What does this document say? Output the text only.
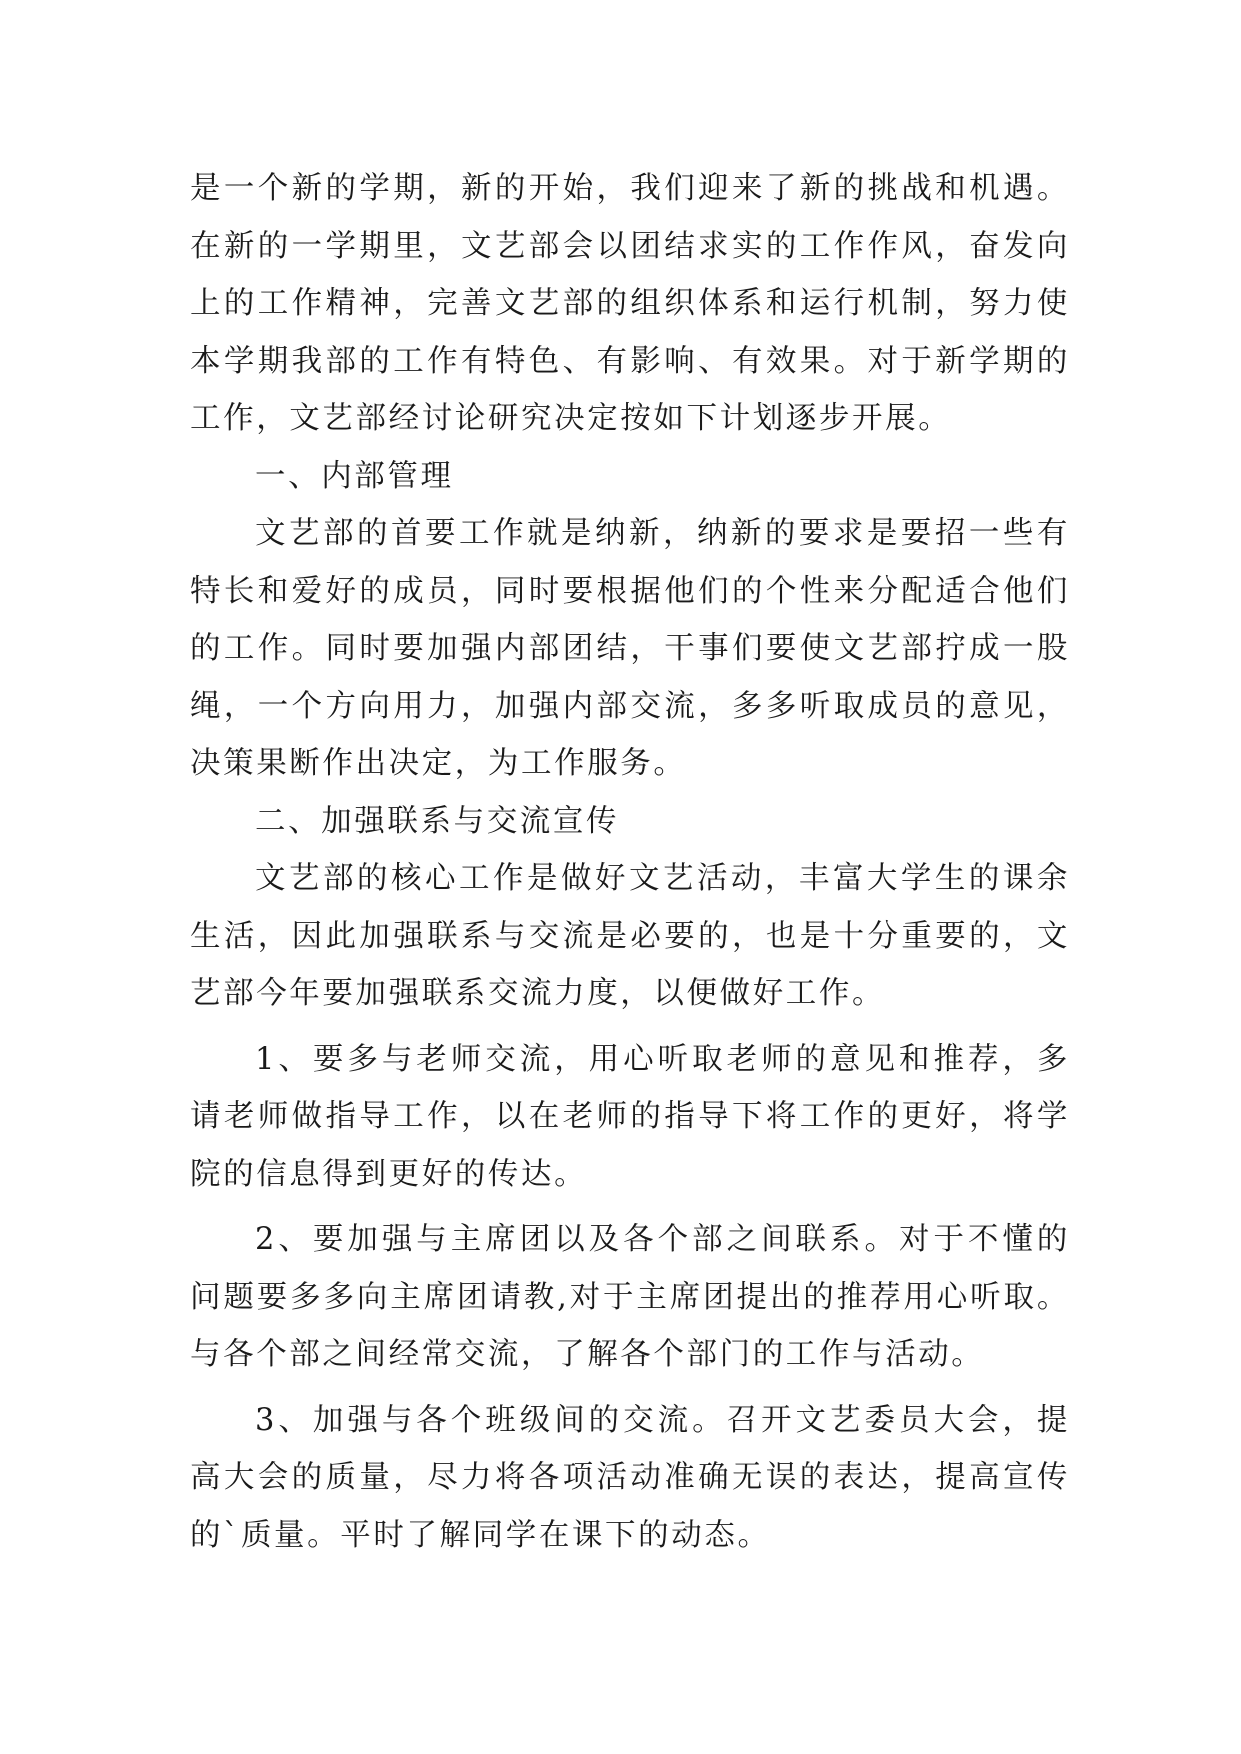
是一个新的学期，新的开始，我们迎来了新的挑战和机遇。在新的一学期里，文艺部会以团结求实的工作作风，奋发向上的工作精神，完善文艺部的组织体系和运行机制，努力使本学期我部的工作有特色、有影响、有效果。对于新学期的工作，文艺部经讨论研究决定按如下计划逐步开展。

一、内部管理

文艺部的首要工作就是纳新，纳新的要求是要招一些有特长和爱好的成员，同时要根据他们的个性来分配适合他们的工作。同时要加强内部团结，干事们要使文艺部拧成一股绳，一个方向用力，加强内部交流，多多听取成员的意见，决策果断作出决定，为工作服务。

二、加强联系与交流宣传

文艺部的核心工作是做好文艺活动，丰富大学生的课余生活，因此加强联系与交流是必要的，也是十分重要的，文艺部今年要加强联系交流力度，以便做好工作。

1、要多与老师交流，用心听取老师的意见和推荐，多请老师做指导工作，以在老师的指导下将工作的更好，将学院的信息得到更好的传达。

2、要加强与主席团以及各个部之间联系。对于不懂的问题要多多向主席团请教,对于主席团提出的推荐用心听取。与各个部之间经常交流，了解各个部门的工作与活动。

3、加强与各个班级间的交流。召开文艺委员大会，提高大会的质量，尽力将各项活动准确无误的表达，提高宣传的`质量。平时了解同学在课下的动态。
